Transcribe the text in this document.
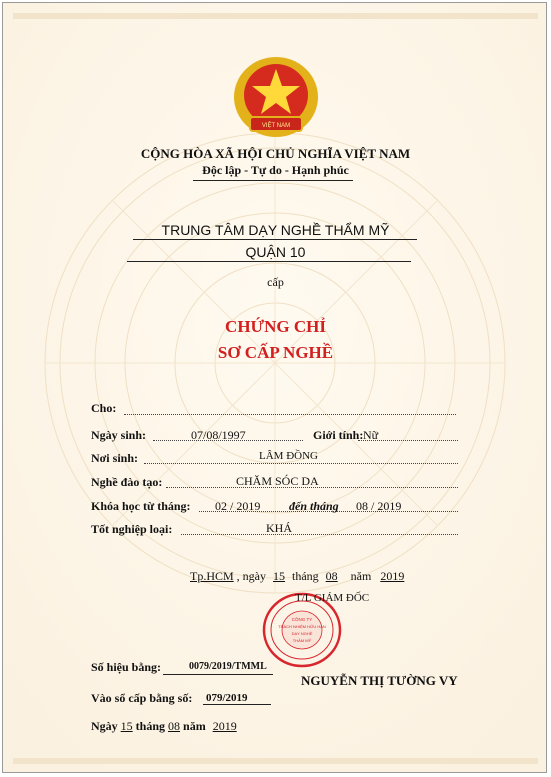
VIỆT NAM
CỘNG HÒA XÃ HỘI CHỦ NGHĨA VIỆT NAM
Độc lập - Tự do - Hạnh phúc
TRUNG TÂM DẠY NGHỀ THẨM MỸ
QUẬN 10
cấp
CHỨNG CHỈ
SƠ CẤP NGHỀ
Cho:
Ngày sinh:	07/08/1997	Giới tính: Nữ
Nơi sinh:	LÂM ĐỒNG
Nghề đào tạo:	CHĂM SÓC DA
Khóa học từ tháng: 02 / 2019 đến tháng 08 / 2019
Tốt nghiệp loại:	KHÁ
Tp.HCM , ngày 15 tháng 08 năm 2019
CÔNG TY
TRÁCH NHIỆM HỮU HẠN
DẠY NGHỀ
THẨM MỸ
T/L GIÁM ĐỐC
NGUYỄN THỊ TƯỜNG VY
Số hiệu bằng:	0079/2019/TMML
Vào sổ cấp bằng số: 079/2019
Ngày 15 tháng 08 năm 2019
